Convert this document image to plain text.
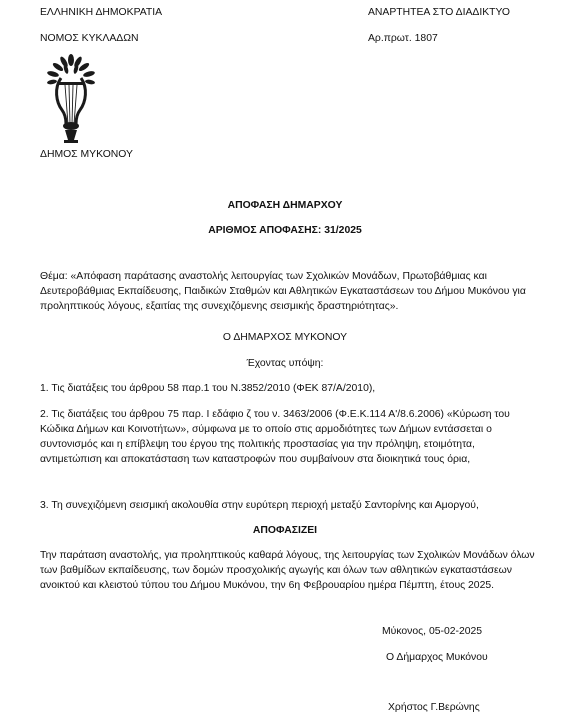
ΕΛΛΗΝΙΚΗ ΔΗΜΟΚΡΑΤΙΑ
ΝΟΜΟΣ ΚΥΚΛΑΔΩΝ
ΑΝΑΡΤΗΤΕΑ ΣΤΟ ΔΙΑΔΙΚΤΥΟ
Αρ.πρωτ. 1807
ΔΗΜΟΣ ΜΥΚΟΝΟΥ
ΑΠΟΦΑΣΗ ΔΗΜΑΡΧΟΥ
ΑΡΙΘΜΟΣ ΑΠΟΦΑΣΗΣ: 31/2025
Θέμα: «Απόφαση παράτασης αναστολής λειτουργίας των Σχολικών Μονάδων, Πρωτοβάθμιας και Δευτεροβάθμιας Εκπαίδευσης, Παιδικών Σταθμών και Αθλητικών Εγκαταστάσεων του Δήμου Μυκόνου για προληπτικούς λόγους, εξαιτίας της συνεχιζόμενης σεισμικής δραστηριότητας».
Ο ΔΗΜΑΡΧΟΣ ΜΥΚΟΝΟΥ
Έχοντας υπόψη:
1. Τις διατάξεις του άρθρου 58 παρ.1 του Ν.3852/2010 (ΦΕΚ 87/Α/2010),
2. Τις διατάξεις του άρθρου 75 παρ. Ι εδάφιο ζ του ν. 3463/2006 (Φ.Ε.Κ.114 Α'/8.6.2006) «Κύρωση του Κώδικα Δήμων και Κοινοτήτων», σύμφωνα με το οποίο στις αρμοδιότητες των Δήμων εντάσσεται ο συντονισμός και η επίβλεψη του έργου της πολιτικής προστασίας για την πρόληψη, ετοιμότητα, αντιμετώπιση και αποκατάσταση των καταστροφών που συμβαίνουν στα διοικητικά τους όρια,
3. Τη συνεχιζόμενη σεισμική ακολουθία στην ευρύτερη περιοχή μεταξύ Σαντορίνης και Αμοργού,
ΑΠΟΦΑΣΙΖΕΙ
Την παράταση αναστολής, για προληπτικούς καθαρά λόγους, της λειτουργίας των Σχολικών Μονάδων όλων των βαθμίδων εκπαίδευσης, των δομών προσχολικής αγωγής και όλων των αθλητικών εγκαταστάσεων ανοικτού και κλειστού τύπου του Δήμου Μυκόνου, την 6η Φεβρουαρίου ημέρα Πέμπτη, έτους 2025.
Μύκονος, 05-02-2025
Ο Δήμαρχος Μυκόνου
Χρήστος Γ.Βερώνης
